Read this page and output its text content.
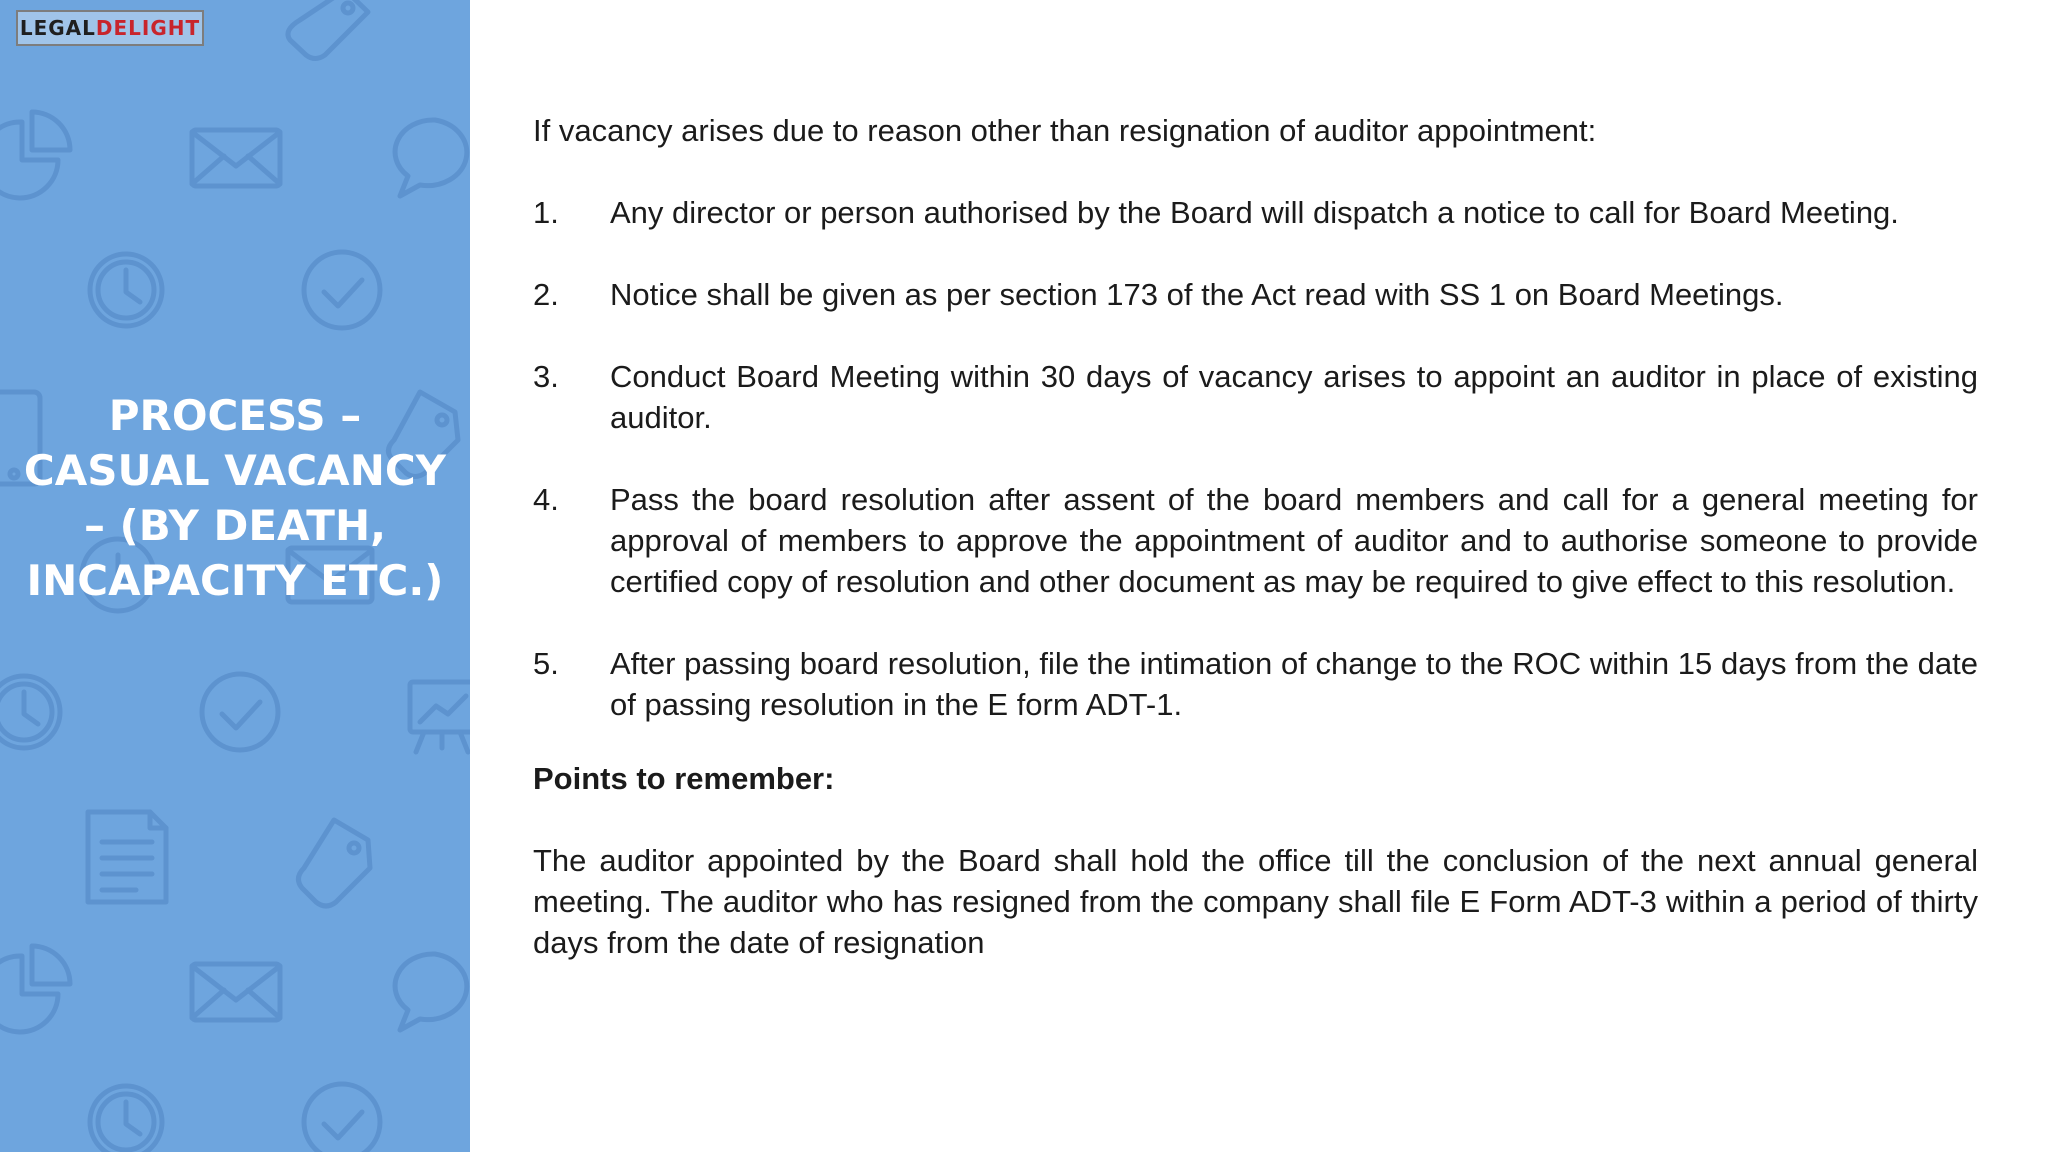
LEGAL DELIGHT
PROCESS – CASUAL VACANCY – (BY DEATH, INCAPACITY ETC.)

If vacancy arises due to reason other than resignation of auditor appointment:

1.	Any director or person authorised by the Board will dispatch a notice to call for Board Meeting.
2.	Notice shall be given as per section 173 of the Act read with SS 1 on Board Meetings.
3.	Conduct Board Meeting within 30 days of vacancy arises to appoint an auditor in place of existing auditor.
4.	Pass the board resolution after assent of the board members and call for a general meeting for approval of members to approve the appointment of auditor and to authorise someone to provide certified copy of resolution and other document as may be required to give effect to this resolution.
5.	After passing board resolution, file the intimation of change to the ROC within 15 days from the date of passing resolution in the E form ADT-1.

Points to remember:

The auditor appointed by the Board shall hold the office till the conclusion of the next annual general meeting. The auditor who has resigned from the company shall file E Form ADT-3 within a period of thirty days from the date of resignation
